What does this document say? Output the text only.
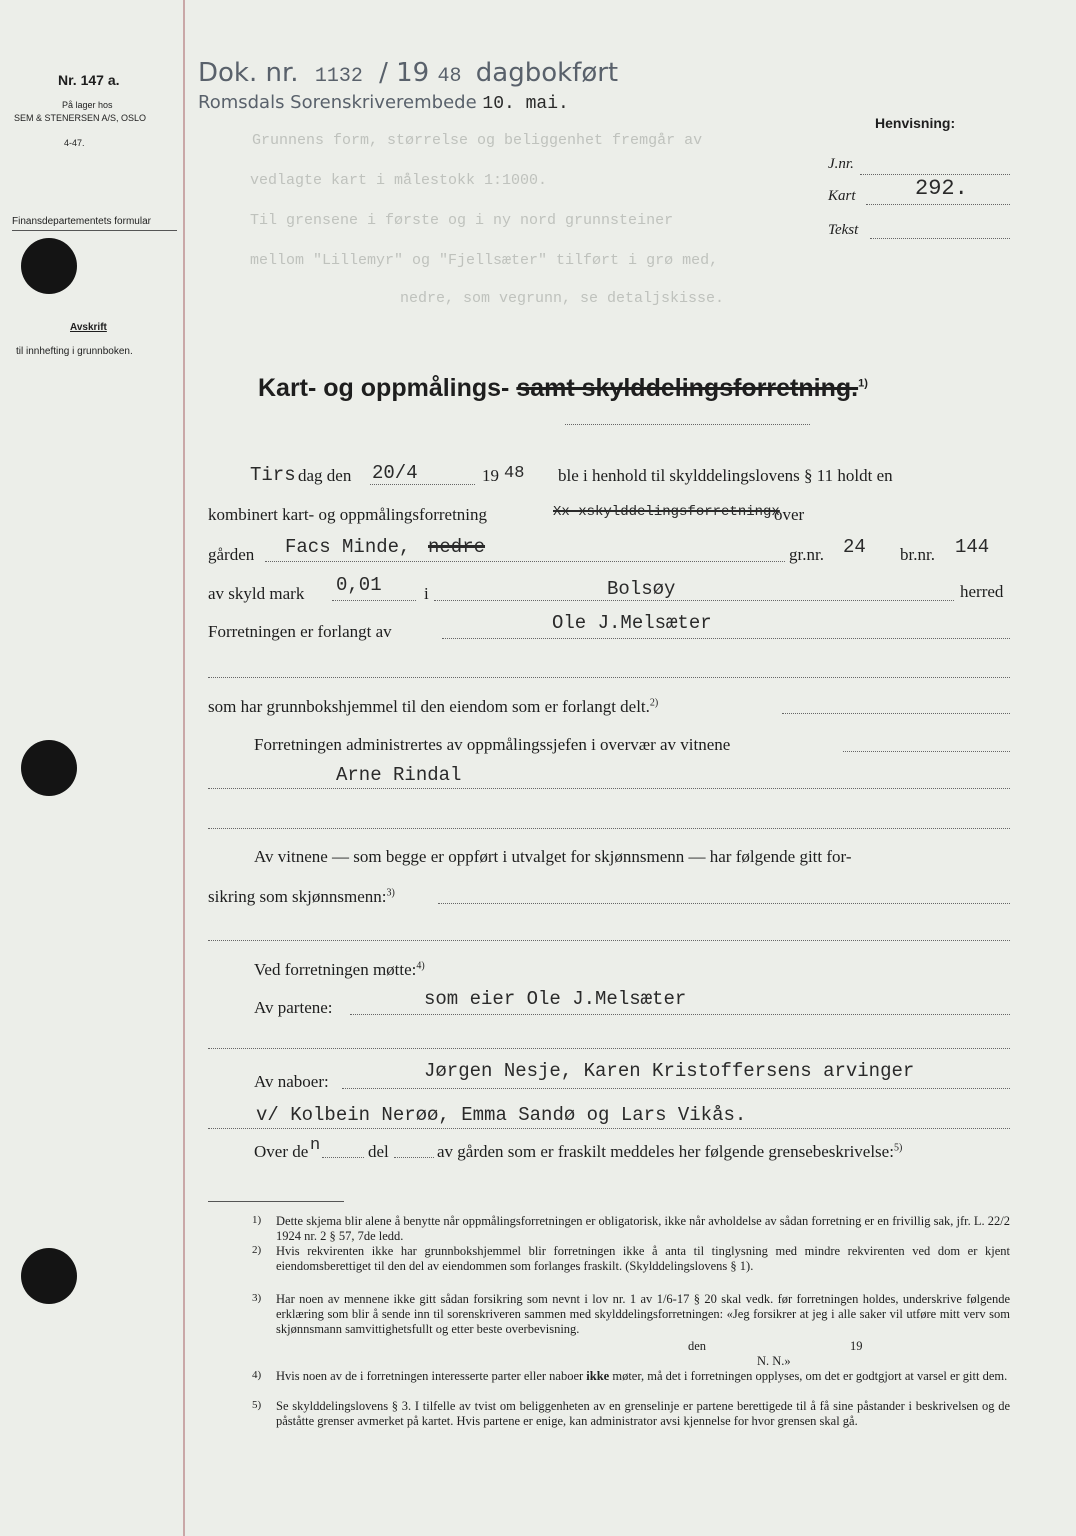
Nr. 147 a.
På lager hos
SEM & STENERSEN A/S, OSLO
4-47.
Finansdepartementets formular
Avskrift
til innhefting i grunnboken.
Dok. nr. 1132 / 19 48 dagbokført
Romsdals Sorenskriverembede 10. mai.
Henvisning:
J.nr.
Kart	292.
Tekst
Grunnens form, størrelse og beliggenhet fremgår av
vedlagte kart i målestokk 1:1000.
Til grensene i første og i ny nord grunnsteiner
mellom "Lillemyr" og "Fjellsæter" tilført i grø med,
nedre, som vegrunn, se detaljskisse.
Kart- og oppmålings- samt skylddelingsforretning.$^{1)}$
Tirs dag den 20/4	19 48 ble i henhold til skylddelingslovens § 11 holdt en
kombinert kart- og oppmålingsforretning	Xx xskylddelingsforretningx
over
gården Facs Minde, nedre	gr.nr. 24 br.nr. 144
av skyld mark 0,01 i	Bolsøy	herred
Forretningen er forlangt av	Ole J.Melsæter
som har grunnbokshjemmel til den eiendom som er forlangt delt.$^{2)}$
Forretningen administrertes av oppmålingssjefen i overvær av vitnene
Arne Rindal
Av vitnene — som begge er oppført i utvalget for skjønnsmenn — har følgende gitt for-
sikring som skjønnsmenn:$^{3)}$
Ved forretningen møtte:$^{4)}$
Av partene:	som eier Ole J.Melsæter
Av naboer:	Jørgen Nesje, Karen Kristoffersens arvinger
v/ Kolbein Nerøø, Emma Sandø og Lars Vikås.
Over de n	del	av gården som er fraskilt meddeles her følgende grensebeskrivelse:$^{5)}$
1) Dette skjema blir alene å benytte når oppmålingsforretningen er obligatorisk, ikke når avholdelse av sådan forretning er en frivillig sak, jfr. L. 22/2 1924 nr. 2 § 57, 7de ledd.
2) Hvis rekvirenten ikke har grunnbokshjemmel blir forretningen ikke å anta til tinglysning med mindre rekvirenten ved dom er kjent eiendomsberettiget til den del av eiendommen som forlanges fraskilt. (Skylddelingslovens § 1).
3) Har noen av mennene ikke gitt sådan forsikring som nevnt i lov nr. 1 av 1/6-17 § 20 skal vedk. før forretningen holdes, underskrive følgende erklæring som blir å sende inn til sorenskriveren sammen med skylddelingsforretningen: «Jeg forsikrer at jeg i alle saker vil utføre mitt verv som skjønnsmann samvittighetsfullt og etter beste overbevisning.
den	19
N. N.»
4) Hvis noen av de i forretningen interesserte parter eller naboer ikke møter, må det i forretningen opplyses, om det er godtgjort at varsel er gitt dem.
5) Se skylddelingslovens § 3. I tilfelle av tvist om beliggenheten av en grenselinje er partene berettigede til å få sine påstander i beskrivelsen og de påståtte grenser avmerket på kartet. Hvis partene er enige, kan administrator avsi kjennelse for hvor grensen skal gå.
